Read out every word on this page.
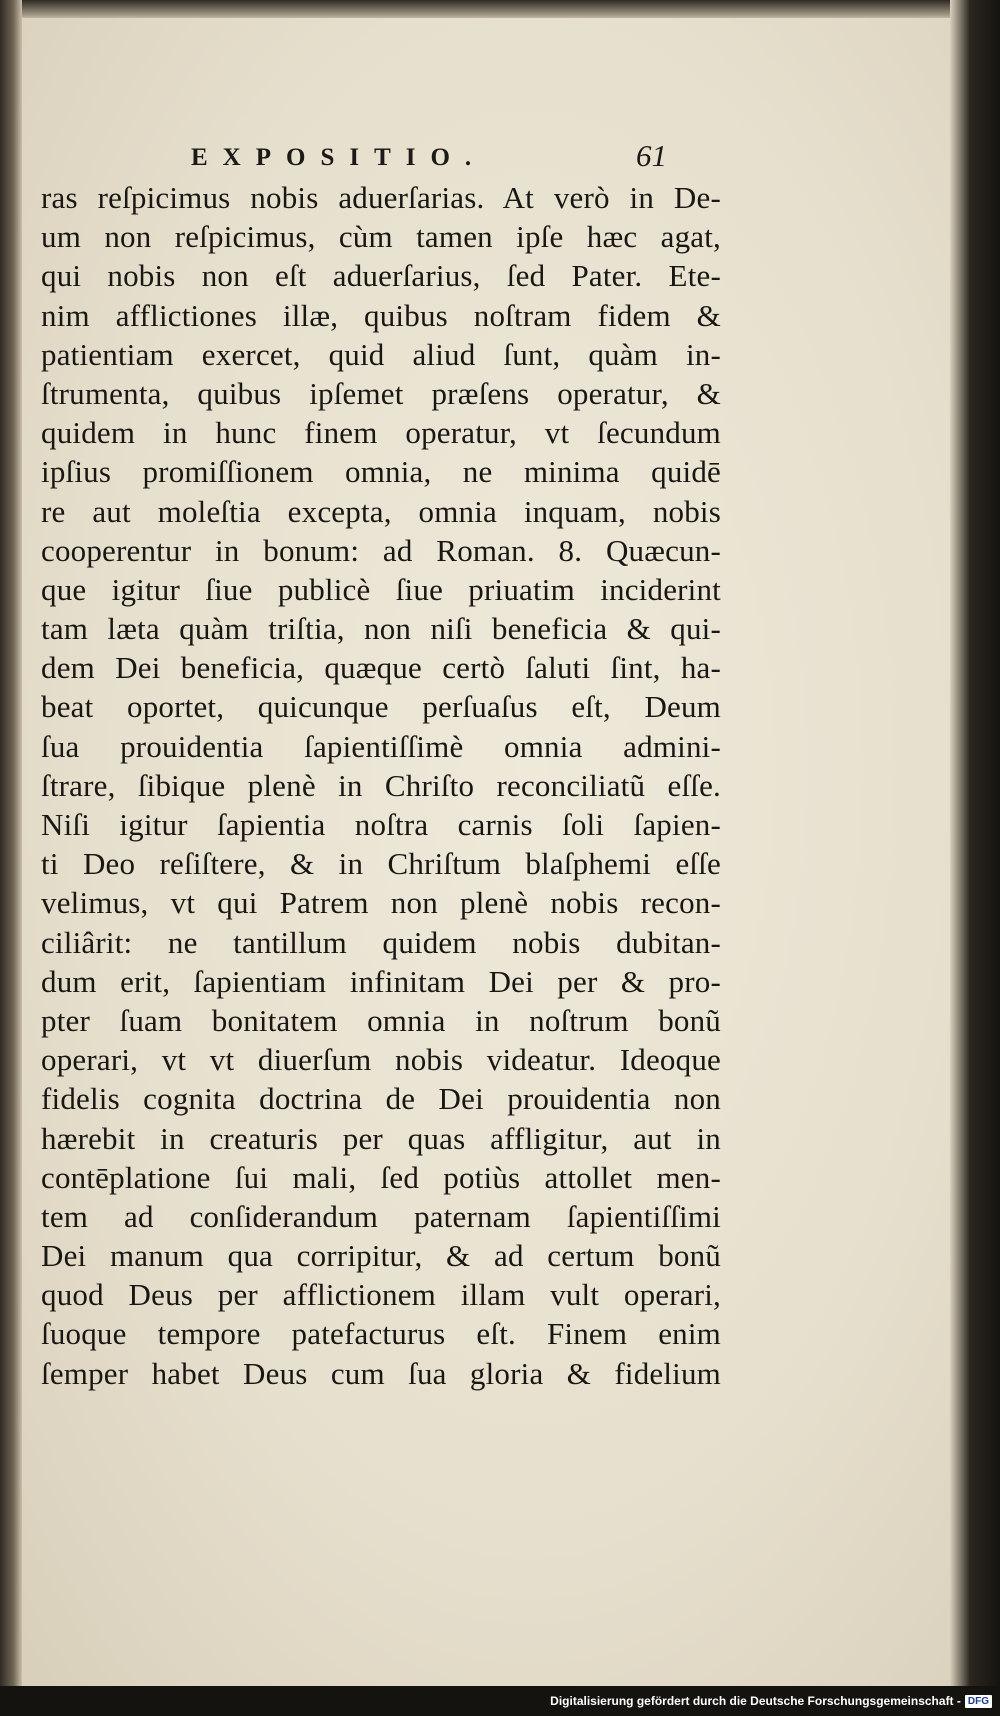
EXPOSITIO.	61
ras reſpicimus nobis aduerſarias. At verò in De-
um non reſpicimus, cùm tamen ipſe hæc agat,
qui nobis non eſt aduerſarius, ſed Pater. Ete-
nim afflictiones illæ, quibus noſtram fidem &
patientiam exercet, quid aliud ſunt, quàm in-
ſtrumenta, quibus ipſemet præſens operatur, &
quidem in hunc finem operatur, vt ſecundum
ipſius promiſſionem omnia, ne minima quidē
re aut moleſtia excepta, omnia inquam, nobis
cooperentur in bonum: ad Roman. 8. Quæcun-
que igitur ſiue publicè ſiue priuatim inciderint
tam læta quàm triſtia, non niſi beneficia & qui-
dem Dei beneficia, quæque certò ſaluti ſint, ha-
beat oportet, quicunque perſuaſus eſt, Deum
ſua prouidentia ſapientiſſimè omnia admini-
ſtrare, ſibique plenè in Chriſto reconciliatũ eſſe.
Niſi igitur ſapientia noſtra carnis ſoli ſapien-
ti Deo reſiſtere, & in Chriſtum blaſphemi eſſe
velimus, vt qui Patrem non plenè nobis recon-
ciliârit: ne tantillum quidem nobis dubitan-
dum erit, ſapientiam infinitam Dei per & pro-
pter ſuam bonitatem omnia in noſtrum bonũ
operari, vt vt diuerſum nobis videatur. Ideoque
fidelis cognita doctrina de Dei prouidentia non
hærebit in creaturis per quas affligitur, aut in
contēplatione ſui mali, ſed potiùs attollet men-
tem ad conſiderandum paternam ſapientiſſimi
Dei manum qua corripitur, & ad certum bonũ
quod Deus per afflictionem illam vult operari,
ſuoque tempore patefacturus eſt. Finem enim
ſemper habet Deus cum ſua gloria & fidelium
Digitalisierung gefördert durch die Deutsche Forschungsgemeinschaft - DFG
